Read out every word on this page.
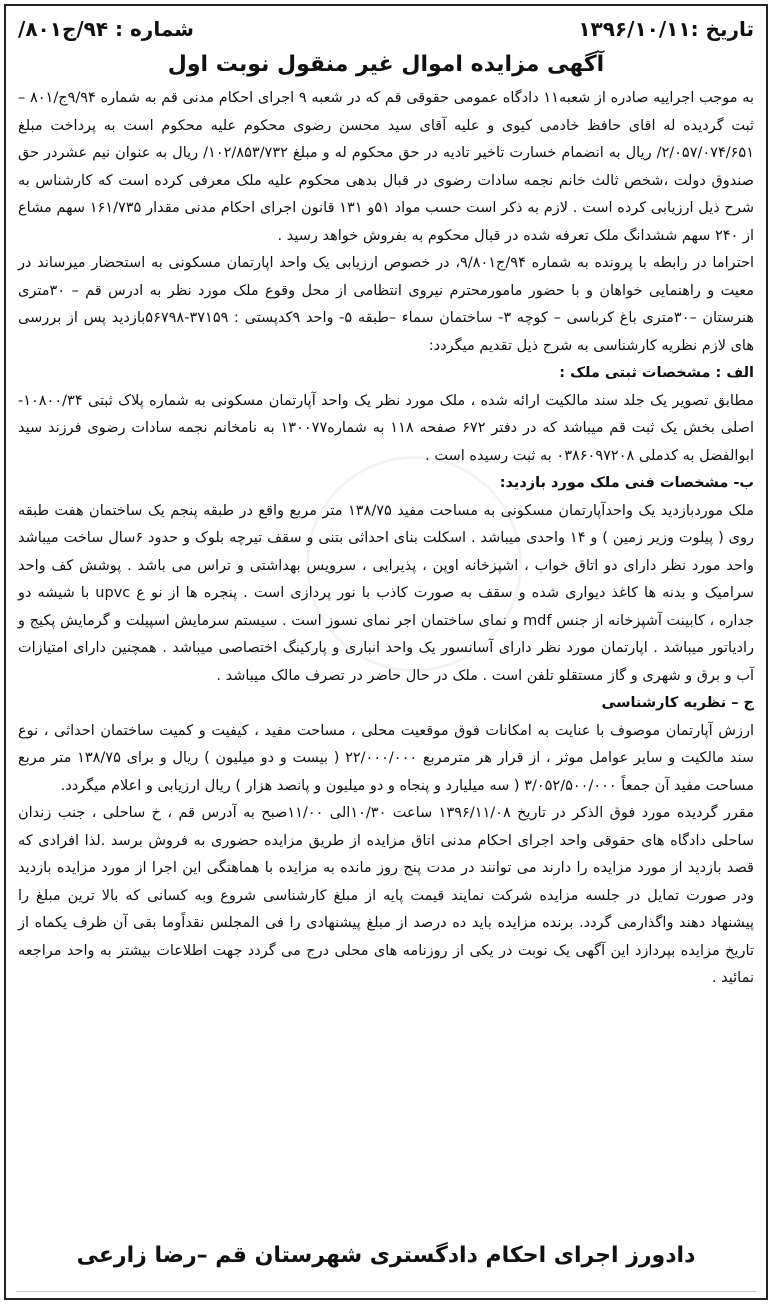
تاریخ :۱۳۹۶/۱۰/۱۱
شماره : ۹۴/ج۸۰۱/
آگهی مزایده اموال غیر منقول نوبت اول

به موجب اجراییه صادره از شعبه۱۱ دادگاه عمومی حقوقی قم که در شعبه ۹ اجرای احکام مدنی قم به شماره ۹/۹۴ج/۸۰۱ – ثبت گردیده له اقای حافظ خادمی کیوی و علیه آقای سید محسن رضوی محکوم علیه محکوم است به پرداخت مبلغ ۲/۰۵۷/۰۷۴/۶۵۱/ ریال به انضمام خسارت تاخیر تادیه در حق محکوم له و مبلغ ۱۰۲/۸۵۳/۷۳۲/ ریال به عنوان نیم عشردر حق صندوق دولت ،شخص ثالث خانم نجمه سادات رضوی در قبال بدهی محکوم علیه ملک معرفی کرده است که کارشناس به شرح ذیل ارزیابی کرده است . لازم به ذکر است حسب مواد ۵۱و ۱۳۱ قانون اجرای احکام مدنی مقدار ۱۶۱/۷۳۵ سهم مشاع از ۲۴۰ سهم ششدانگ ملک تعرفه شده در قبال محکوم به بفروش خواهد رسید .

احتراما در رابطه با پرونده به شماره ۹۴/ج۹/۸۰۱، در خصوص ارزیابی یک واحد اپارتمان مسکونی به استحضار میرساند در معیت و راهنمایی خواهان و با حضور مامورمحترم نیروی انتظامی از محل وقوع ملک مورد نظر به ادرس قم – ۳۰متری هنرستان –۳۰متری باغ کرباسی – کوچه ۳- ساختمان سماء –طبقه ۵- واحد ۹کدپستی : ۳۷۱۵۹-۵۶۷۹۸بازدید پس از بررسی های لازم نظریه کارشناسی به شرح ذیل تقدیم میگردد:

الف : مشخصات ثبتی ملک :

مطابق تصویر یک جلد سند مالکیت ارائه شده ، ملک مورد نظر یک واحد آپارتمان مسکونی به شماره پلاک ثبتی ۱۰۸۰۰/۳۴- اصلی بخش یک ثبت قم میباشد که در دفتر ۶۷۲ صفحه ۱۱۸ به شماره۱۳۰۰۷۷ به نامخانم نجمه سادات رضوی فرزند سید ابوالفضل به کدملی ۰۳۸۶۰۹۷۲۰۸ به ثبت رسیده است .

ب- مشخصات فنی ملک مورد بازدید:

ملک موردبازدید یک واحدآپارتمان مسکونی به مساحت مفید ۱۳۸/۷۵ متر مربع واقع در طبقه پنجم یک ساختمان هفت طبقه روی ( پیلوت وزیر زمین ) و ۱۴ واحدی میباشد . اسکلت بنای احداثی بتنی و سقف تیرچه بلوک و حدود ۶سال ساخت میباشد واحد مورد نظر دارای دو اتاق خواب ، اشپزخانه اوپن ، پذیرایی ، سرویس بهداشتی و تراس می باشد . پوشش کف واحد سرامیک و بدنه ها کاغذ دیواری شده و سقف به صورت کاذب با نور پردازی است . پنجره ها از نو ع upvc با شیشه دو جداره ، کابینت آشپزخانه از جنس mdf و نمای ساختمان اجر نمای نسوز است . سیستم سرمایش اسپیلت و گرمایش پکیج و رادیاتور میباشد . اپارتمان مورد نظر دارای آسانسور یک واحد انباری و پارکینگ اختصاصی میباشد . همچنین دارای امتیازات آب و برق و شهری و گاز مستقلو تلفن است . ملک در حال حاضر در تصرف مالک میباشد .

ج – نظریه کارشناسی

ارزش آپارتمان موصوف با عنایت به امکانات فوق موقعیت محلی ، مساحت مفید ، کیفیت و کمیت ساختمان احداثی ، نوع سند مالکیت و سایر عوامل موثر ، از قرار هر مترمربع ۲۲/۰۰۰/۰۰۰ ( بیست و دو میلیون ) ریال و برای ۱۳۸/۷۵ متر مربع مساحت مفید آن جمعاً ۳/۰۵۲/۵۰۰/۰۰۰ ( سه میلیارد و پنجاه و دو میلیون و پانصد هزار ) ریال ارزیابی و اعلام میگردد.

مقرر گردیده مورد فوق الذکر در تاریخ ۱۳۹۶/۱۱/۰۸ ساعت ۱۰/۳۰الی ۱۱/۰۰صبح به آدرس قم ، خ ساحلی ، جنب زندان ساحلی دادگاه های حقوقی واحد اجرای احکام مدنی اتاق مزایده از طریق مزایده حضوری به فروش برسد .لذا افرادی که قصد بازدید از مورد مزایده را دارند می توانند در مدت پنج روز مانده به مزایده با هماهنگی این اجرا از مورد مزایده بازدید ودر صورت تمایل در جلسه مزایده شرکت نمایند قیمت پایه از مبلغ کارشناسی شروع وبه کسانی که بالا ترین مبلغ را پیشنهاد دهند واگذارمی گردد. برنده مزایده باید ده درصد از مبلغ پیشنهادی را فی المجلس نقداًوما بقی آن ظرف یکماه از تاریخ مزایده بپردازد این آگهی یک نوبت در یکی از روزنامه های محلی درج می گردد جهت اطلاعات بیشتر به واحد مراجعه نمائید .

دادورز اجرای احکام دادگستری شهرستان قم –رضا زارعی
